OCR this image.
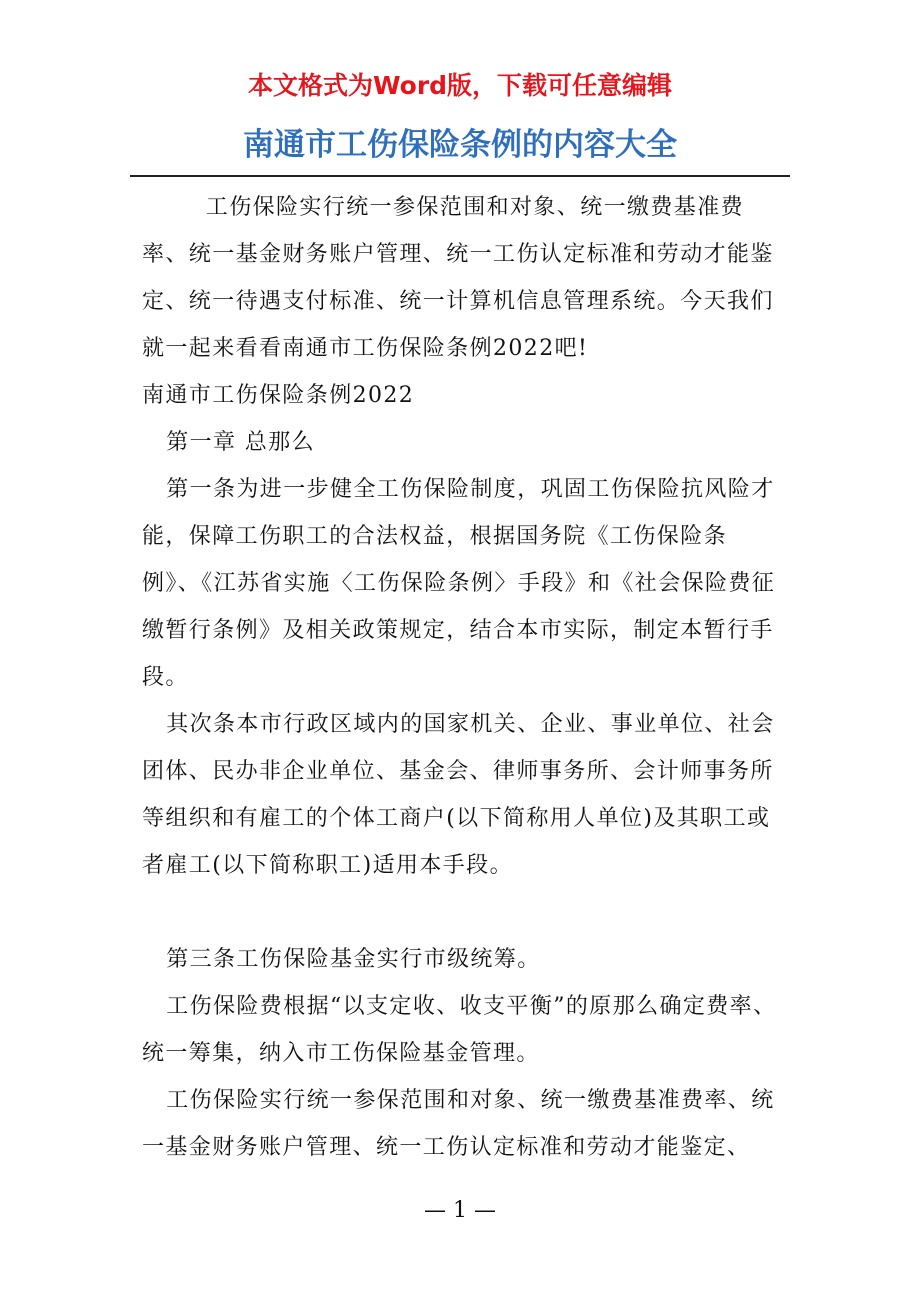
本文格式为Word版，下载可任意编辑
南通市工伤保险条例的内容大全

工伤保险实行统一参保范围和对象、统一缴费基准费率、统一基金财务账户管理、统一工伤认定标准和劳动才能鉴定、统一待遇支付标准、统一计算机信息管理系统。今天我们就一起来看看南通市工伤保险条例2022吧!

南通市工伤保险条例2022

第一章 总那么

第一条为进一步健全工伤保险制度，巩固工伤保险抗风险才能，保障工伤职工的合法权益，根据国务院《工伤保险条例》、《江苏省实施〈工伤保险条例〉手段》和《社会保险费征缴暂行条例》及相关政策规定，结合本市实际，制定本暂行手段。

其次条本市行政区域内的国家机关、企业、事业单位、社会团体、民办非企业单位、基金会、律师事务所、会计师事务所等组织和有雇工的个体工商户(以下简称用人单位)及其职工或者雇工(以下简称职工)适用本手段。

第三条工伤保险基金实行市级统筹。

工伤保险费根据“以支定收、收支平衡”的原那么确定费率、统一筹集，纳入市工伤保险基金管理。

工伤保险实行统一参保范围和对象、统一缴费基准费率、统一基金财务账户管理、统一工伤认定标准和劳动才能鉴定、

— 1 —
